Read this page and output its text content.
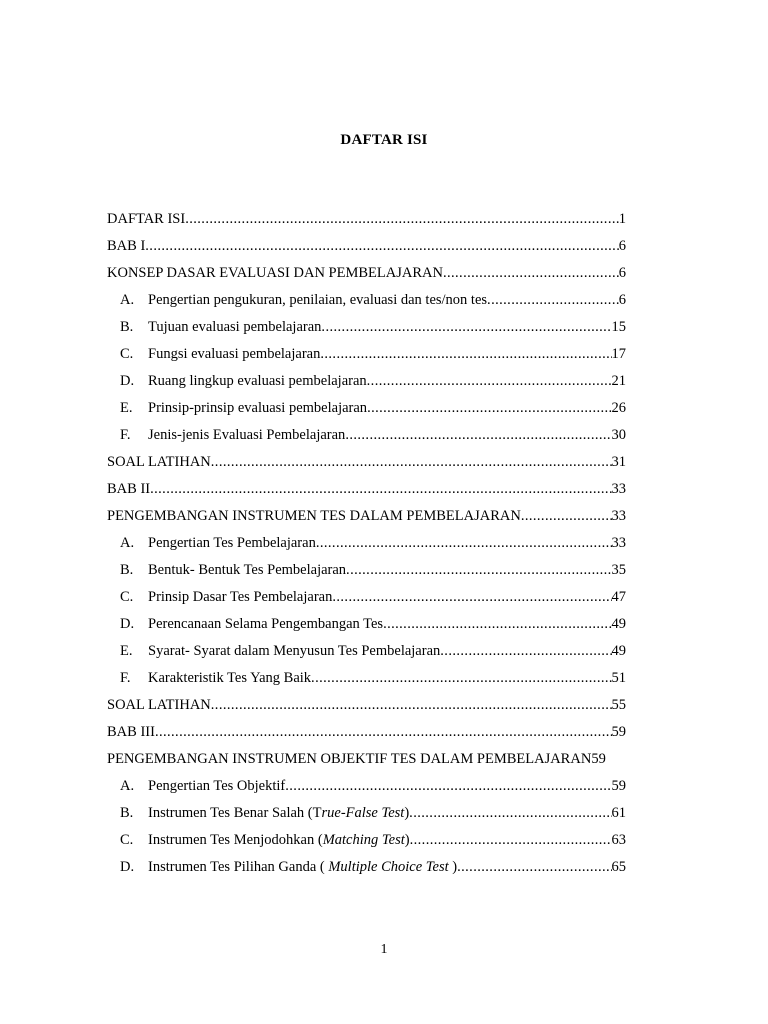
DAFTAR ISI
DAFTAR ISI .....	1
BAB I .....	6
KONSEP DASAR EVALUASI DAN PEMBELAJARAN .....	6
A. Pengertian pengukuran, penilaian, evaluasi dan tes/non tes .....	6
B.	Tujuan evaluasi pembelajaran .....	15
C.	Fungsi evaluasi pembelajaran .....	17
D. Ruang lingkup evaluasi pembelajaran .....	21
E.	Prinsip-prinsip evaluasi pembelajaran .....	26
F.	Jenis-jenis Evaluasi Pembelajaran .....	30
SOAL LATIHAN .....	31
BAB II .....	33
PENGEMBANGAN INSTRUMEN TES DALAM PEMBELAJARAN .....	33
A. Pengertian Tes Pembelajaran .....	33
B.	Bentuk- Bentuk Tes Pembelajaran .....	35
C.	Prinsip Dasar Tes Pembelajaran .....	47
D. Perencanaan Selama Pengembangan Tes .....	49
E.	Syarat- Syarat dalam Menyusun Tes Pembelajaran .....	49
F.	Karakteristik Tes Yang Baik .....	51
SOAL LATIHAN .....	55
BAB III .....	59
PENGEMBANGAN INSTRUMEN OBJEKTIF TES DALAM PEMBELAJARAN 59
A. Pengertian Tes Objektif .....	59
B.	Instrumen Tes Benar Salah (True-False Test) .....	61
C.	Instrumen Tes Menjodohkan (Matching Test) .....	63
D. Instrumen Tes Pilihan Ganda ( Multiple Choice Test ) .....	65
1
